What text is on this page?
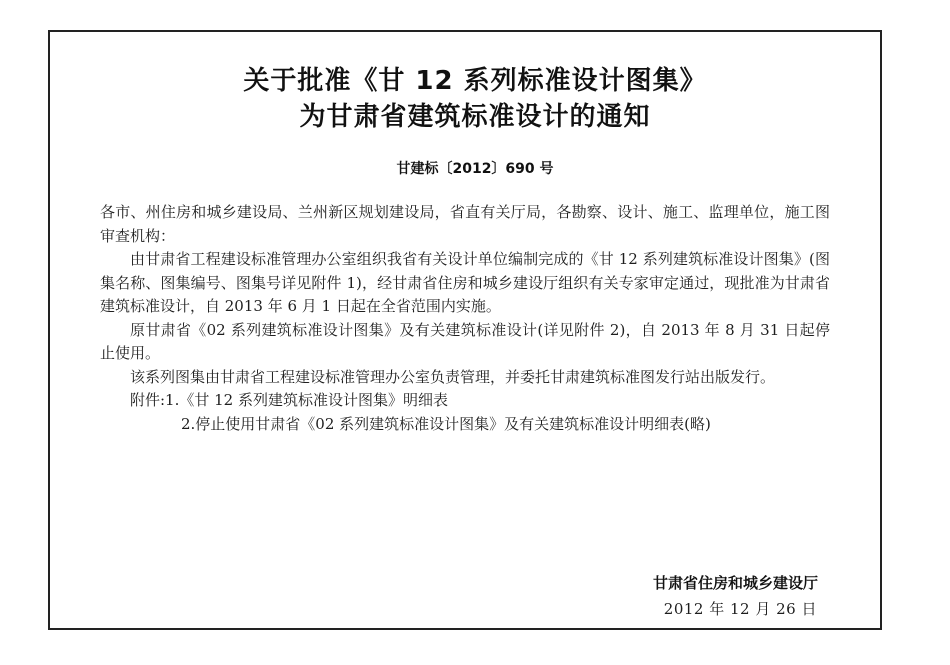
关于批准《甘 12 系列标准设计图集》
为甘肃省建筑标准设计的通知
甘建标〔2012〕690 号

各市、州住房和城乡建设局、兰州新区规划建设局，省直有关厅局，各勘察、设计、施工、监理单位，施工图审查机构：

由甘肃省工程建设标准管理办公室组织我省有关设计单位编制完成的《甘 12 系列建筑标准设计图集》(图集名称、图集编号、图集号详见附件 1)，经甘肃省住房和城乡建设厅组织有关专家审定通过，现批准为甘肃省建筑标准设计，自 2013 年 6 月 1 日起在全省范围内实施。

原甘肃省《02 系列建筑标准设计图集》及有关建筑标准设计(详见附件 2)，自 2013 年 8 月 31 日起停止使用。

该系列图集由甘肃省工程建设标准管理办公室负责管理，并委托甘肃建筑标准图发行站出版发行。

附件:1.《甘 12 系列建筑标准设计图集》明细表

2.停止使用甘肃省《02 系列建筑标准设计图集》及有关建筑标准设计明细表(略)

甘肃省住房和城乡建设厅
2012 年 12 月 26 日
